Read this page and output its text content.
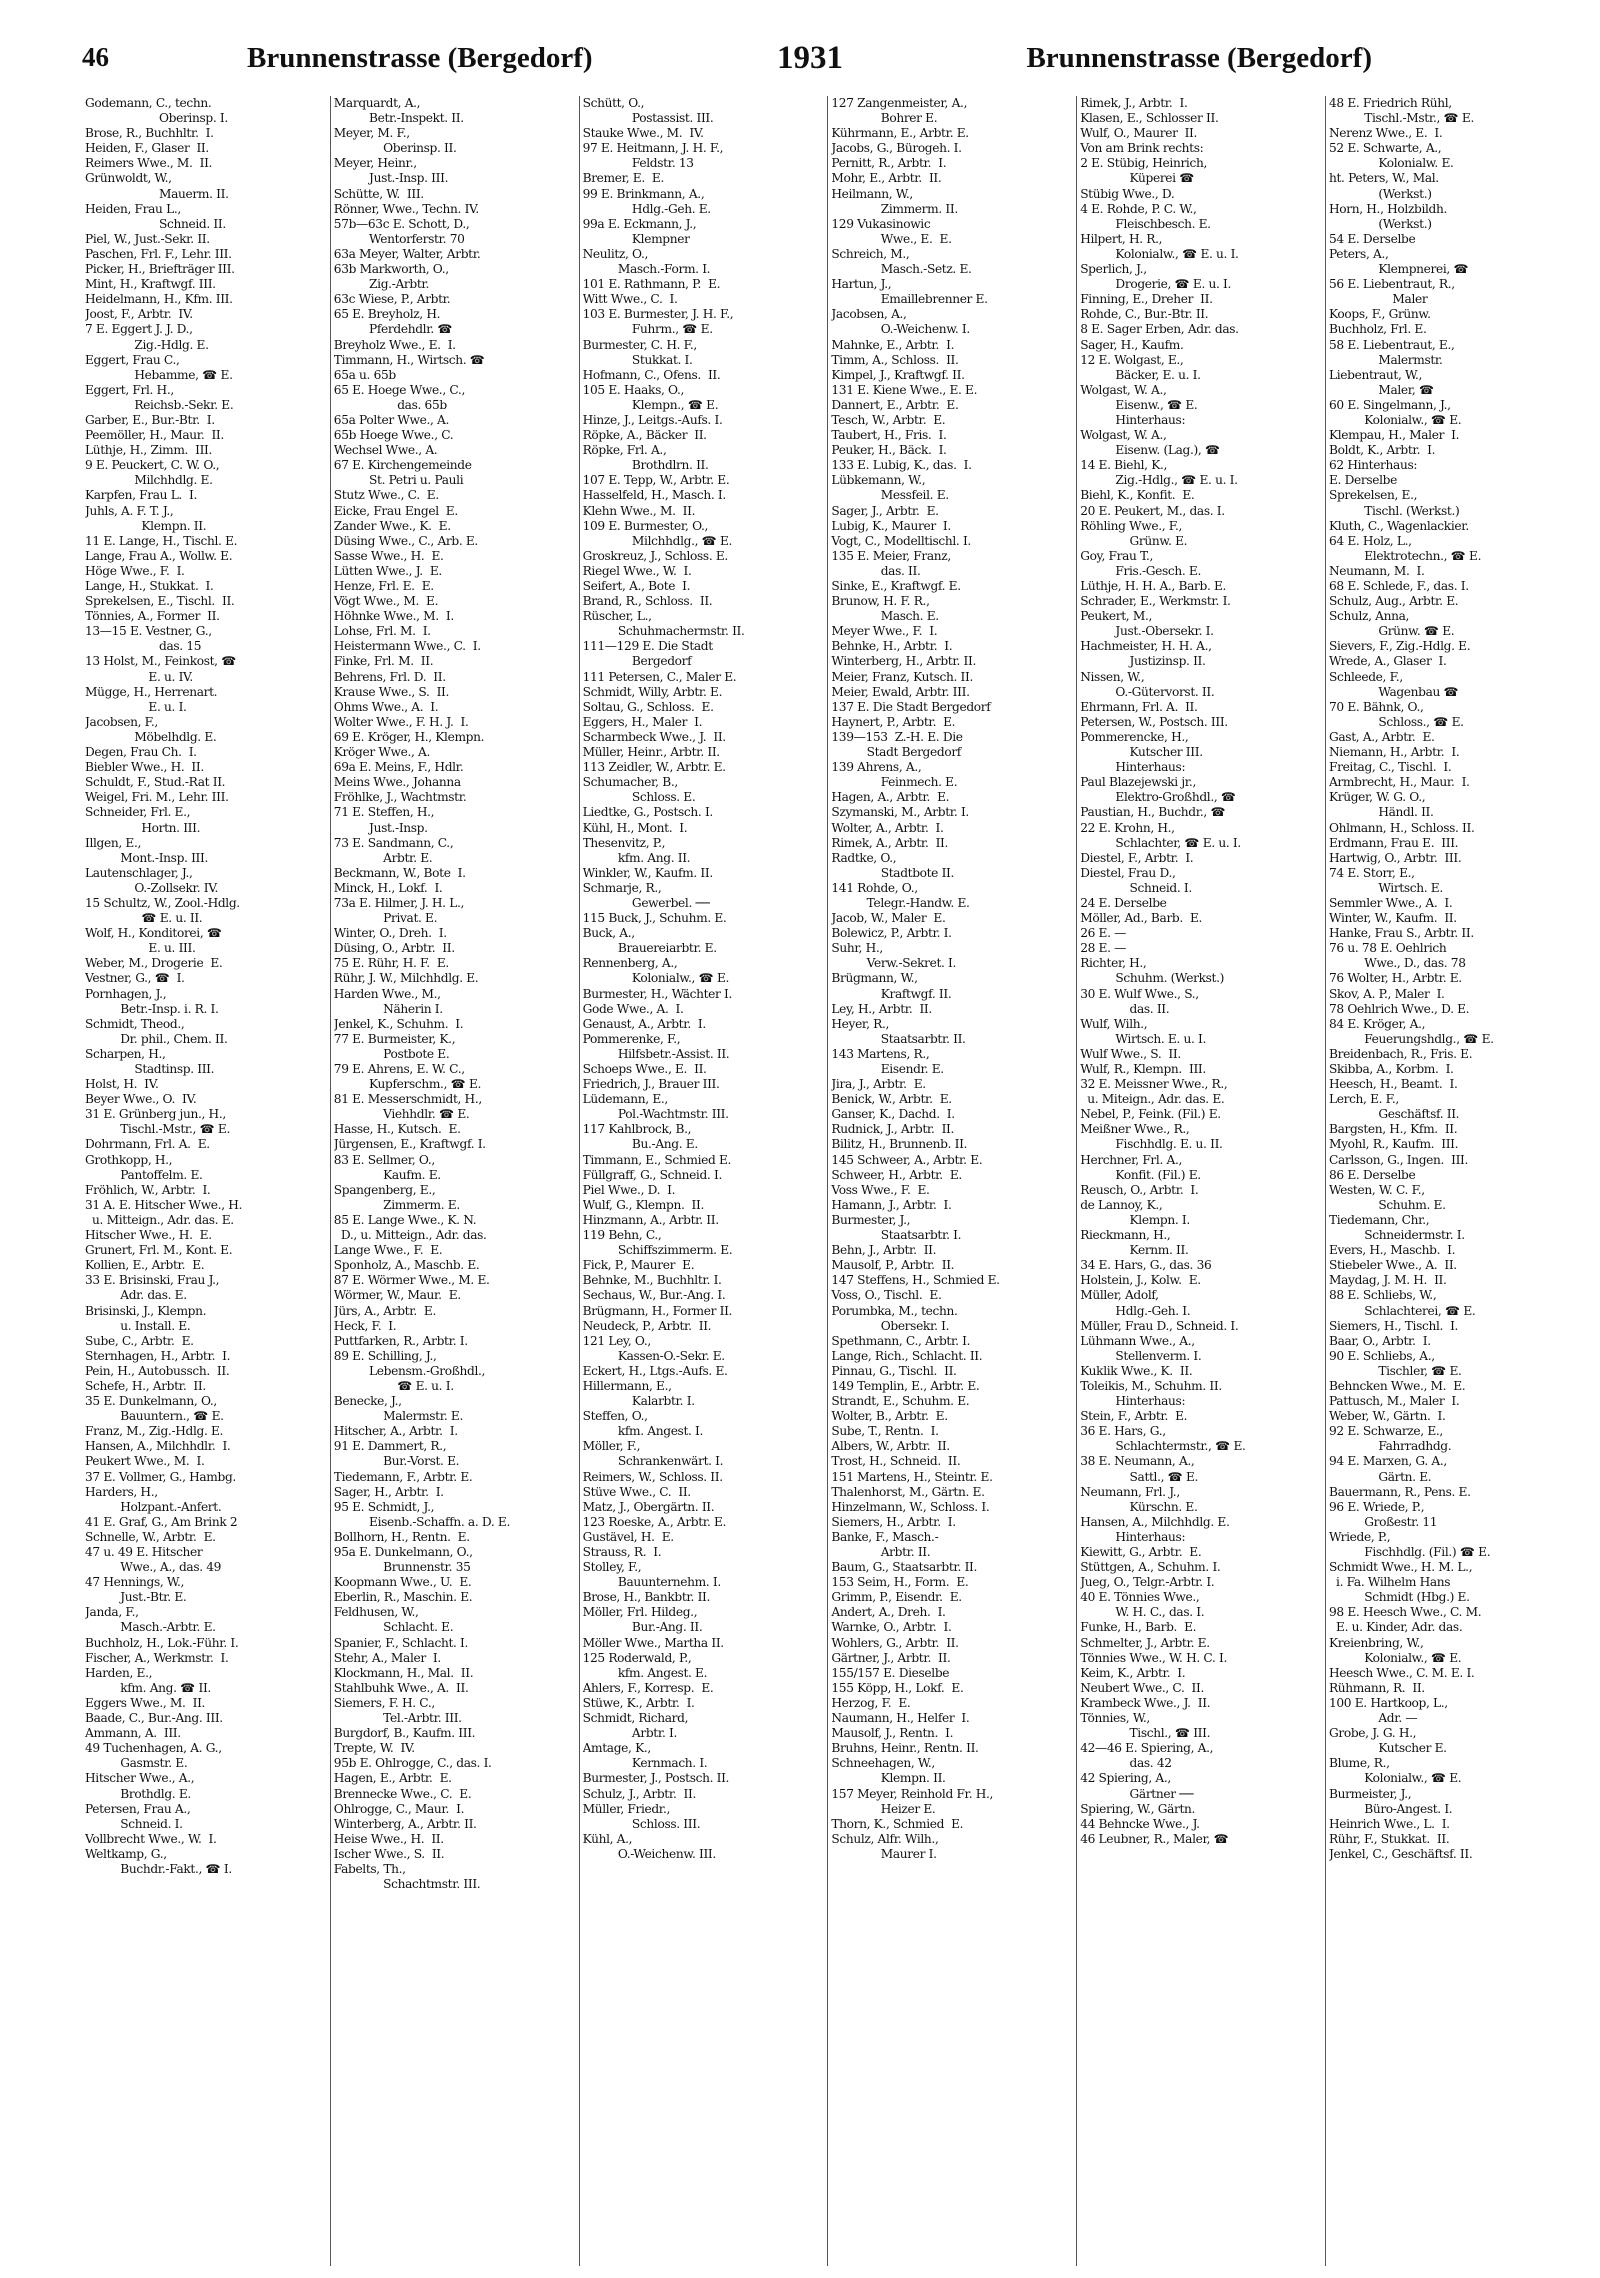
46	Brunnenstrasse (Bergedorf)	1931	Brunnenstrasse (Bergedorf)
Godemann, C., techn.
Oberinsp. I.
Brose, R., Buchhltr.  I.
Heiden, F., Glaser  II.
Reimers Wwe., M.  II.
Grünwoldt, W.,
Mauerm. II.
Heiden, Frau L.,
Schneid. II.
Piel, W., Just.-Sekr. II.
Paschen, Frl. F., Lehr. III.
Picker, H., Briefträger III.
Mint, H., Kraftwgf. III.
Heidelmann, H., Kfm. III.
Joost, F., Arbtr.  IV.
7 E. Eggert J. J. D.,
Zig.-Hdlg. E.
Eggert, Frau C.,
Hebamme, ☎ E.
Eggert, Frl. H.,
Reichsb.-Sekr. E.
Garber, E., Bur.-Btr.  I.
Peemöller, H., Maur.  II.
Lüthje, H., Zimm.  III.
9 E. Peuckert, C. W. O.,
Milchhdlg. E.
Karpfen, Frau L.  I.
Juhls, A. F. T. J.,
Klempn. II.
11 E. Lange, H., Tischl. E.
Lange, Frau A., Wollw. E.
Höge Wwe., F.  I.
Lange, H., Stukkat.  I.
Sprekelsen, E., Tischl.  II.
Tönnies, A., Former  II.
13—15 E. Vestner, G.,
das. 15
13 Holst, M., Feinkost, ☎
E. u. IV.
Mügge, H., Herrenart.
E. u. I.
Jacobsen, F.,
Möbelhdlg. E.
Degen, Frau Ch.  I.
Biebler Wwe., H.  II.
Schuldt, F., Stud.-Rat II.
Weigel, Fri. M., Lehr. III.
Schneider, Frl. E.,
Hortn. III.
Illgen, E.,
Mont.-Insp. III.
Lautenschlager, J.,
O.-Zollsekr. IV.
15 Schultz, W., Zool.-Hdlg.
☎ E. u. II.
Wolf, H., Konditorei, ☎
E. u. III.
Weber, M., Drogerie  E.
Vestner, G., ☎  I.
Pornhagen, J.,
Betr.-Insp. i. R. I.
Schmidt, Theod.,
Dr. phil., Chem. II.
Scharpen, H.,
Stadtinsp. III.
Holst, H.  IV.
Beyer Wwe., O.  IV.
31 E. Grünberg jun., H.,
Tischl.-Mstr., ☎ E.
Dohrmann, Frl. A.  E.
Grothkopp, H.,
Pantoffelm. E.
Fröhlich, W., Arbtr.  I.
31 A. E. Hitscher Wwe., H.
u. Mitteign., Adr. das. E.
Hitscher Wwe., H.  E.
Grunert, Frl. M., Kont. E.
Kollien, E., Arbtr.  E.
33 E. Brisinski, Frau J.,
Adr. das. E.
Brisinski, J., Klempn.
u. Install. E.
Sube, C., Arbtr.  E.
Sternhagen, H., Arbtr.  I.
Pein, H., Autobussch.  II.
Schefe, H., Arbtr.  II.
35 E. Dunkelmann, O.,
Bauuntern., ☎ E.
Franz, M., Zig.-Hdlg. E.
Hansen, A., Milchhdlr.  I.
Peukert Wwe., M.  I.
37 E. Vollmer, G., Hambg.
Harders, H.,
Holzpant.-Anfert.
41 E. Graf, G., Am Brink 2
Schnelle, W., Arbtr.  E.
47 u. 49 E. Hitscher
Wwe., A., das. 49
47 Hennings, W.,
Just.-Btr. E.
Janda, F.,
Masch.-Arbtr. E.
Buchholz, H., Lok.-Führ. I.
Fischer, A., Werkmstr.  I.
Harden, E.,
kfm. Ang. ☎ II.
Eggers Wwe., M.  II.
Baade, C., Bur.-Ang. III.
Ammann, A.  III.
49 Tuchenhagen, A. G.,
Gasmstr. E.
Hitscher Wwe., A.,
Brothdlg. E.
Petersen, Frau A.,
Schneid. I.
Vollbrecht Wwe., W.  I.
Weltkamp, G.,
Buchdr.-Fakt., ☎ I.
Marquardt, A.,
Betr.-Inspekt. II.
Meyer, M. F.,
Oberinsp. II.
Meyer, Heinr.,
Just.-Insp. III.
Schütte, W.  III.
Rönner, Wwe., Techn. IV.
57b—63c E. Schott, D.,
Wentorferstr. 70
63a Meyer, Walter, Arbtr.
63b Markworth, O.,
Zig.-Arbtr.
63c Wiese, P., Arbtr.
65 E. Breyholz, H.
Pferdehdlr. ☎
Breyholz Wwe., E.  I.
Timmann, H., Wirtsch. ☎
65a u. 65b
65 E. Hoege Wwe., C.,
das. 65b
65a Polter Wwe., A.
65b Hoege Wwe., C.
Wechsel Wwe., A.
67 E. Kirchengemeinde
St. Petri u. Pauli
Stutz Wwe., C.  E.
Eicke, Frau Engel  E.
Zander Wwe., K.  E.
Düsing Wwe., C., Arb. E.
Sasse Wwe., H.  E.
Lütten Wwe., J.  E.
Henze, Frl. E.  E.
Vögt Wwe., M.  E.
Höhnke Wwe., M.  I.
Lohse, Frl. M.  I.
Heistermann Wwe., C.  I.
Finke, Frl. M.  II.
Behrens, Frl. D.  II.
Krause Wwe., S.  II.
Ohms Wwe., A.  I.
Wolter Wwe., F. H. J.  I.
69 E. Kröger, H., Klempn.
Kröger Wwe., A.
69a E. Meins, F., Hdlr.
Meins Wwe., Johanna
Fröhlke, J., Wachtmstr.
71 E. Steffen, H.,
Just.-Insp.
73 E. Sandmann, C.,
Arbtr. E.
Beckmann, W., Bote  I.
Minck, H., Lokf.  I.
73a E. Hilmer, J. H. L.,
Privat. E.
Winter, O., Dreh.  I.
Düsing, O., Arbtr.  II.
75 E. Rühr, H. F.  E.
Rühr, J. W., Milchhdlg. E.
Harden Wwe., M.,
Näherin I.
Jenkel, K., Schuhm.  I.
77 E. Burmeister, K.,
Postbote E.
79 E. Ahrens, E. W. C.,
Kupferschm., ☎ E.
81 E. Messerschmidt, H.,
Viehhdlr. ☎ E.
Hasse, H., Kutsch.  E.
Jürgensen, E., Kraftwgf. I.
83 E. Sellmer, O.,
Kaufm. E.
Spangenberg, E.,
Zimmerm. E.
85 E. Lange Wwe., K. N.
D., u. Mitteign., Adr. das.
Lange Wwe., F.  E.
Sponholz, A., Maschb. E.
87 E. Wörmer Wwe., M. E.
Wörmer, W., Maur.  E.
Jürs, A., Arbtr.  E.
Heck, F.  I.
Puttfarken, R., Arbtr. I.
89 E. Schilling, J.,
Lebensm.-Großhdl.,
☎ E. u. I.
Benecke, J.,
Malermstr. E.
Hitscher, A., Arbtr.  I.
91 E. Dammert, R.,
Bur.-Vorst. E.
Tiedemann, F., Arbtr. E.
Sager, H., Arbtr.  I.
95 E. Schmidt, J.,
Eisenb.-Schaffn. a. D. E.
Bollhorn, H., Rentn.  E.
95a E. Dunkelmann, O.,
Brunnenstr. 35
Koopmann Wwe., U.  E.
Eberlin, R., Maschin. E.
Feldhusen, W.,
Schlacht. E.
Spanier, F., Schlacht. I.
Stehr, A., Maler  I.
Klockmann, H., Mal.  II.
Stahlbuhk Wwe., A.  II.
Siemers, F. H. C.,
Tel.-Arbtr. III.
Burgdorf, B., Kaufm. III.
Trepte, W.  IV.
95b E. Ohlrogge, C., das. I.
Hagen, E., Arbtr.  E.
Brennecke Wwe., C.  E.
Ohlrogge, C., Maur.  I.
Winterberg, A., Arbtr. II.
Heise Wwe., H.  II.
Ischer Wwe., S.  II.
Fabelts, Th.,
Schachtmstr. III.
Schütt, O.,
Postassist. III.
Stauke Wwe., M.  IV.
97 E. Heitmann, J. H. F.,
Feldstr. 13
Bremer, E.  E.
99 E. Brinkmann, A.,
Hdlg.-Geh. E.
99a E. Eckmann, J.,
Klempner
Neulitz, O.,
Masch.-Form. I.
101 E. Rathmann, P.  E.
Witt Wwe., C.  I.
103 E. Burmester, J. H. F.,
Fuhrm., ☎ E.
Burmester, C. H. F.,
Stukkat. I.
Hofmann, C., Ofens.  II.
105 E. Haaks, O.,
Klempn., ☎ E.
Hinze, J., Leitgs.-Aufs. I.
Röpke, A., Bäcker  II.
Röpke, Frl. A.,
Brothdlrn. II.
107 E. Tepp, W., Arbtr. E.
Hasselfeld, H., Masch. I.
Klehn Wwe., M.  II.
109 E. Burmester, O.,
Milchhdlg., ☎ E.
Groskreuz, J., Schloss. E.
Riegel Wwe., W.  I.
Seifert, A., Bote  I.
Brand, R., Schloss.  II.
Rüscher, L.,
Schuhmachermstr. II.
111—129 E. Die Stadt
Bergedorf
111 Petersen, C., Maler E.
Schmidt, Willy, Arbtr. E.
Soltau, G., Schloss.  E.
Eggers, H., Maler  I.
Scharmbeck Wwe., J.  II.
Müller, Heinr., Arbtr. II.
113 Zeidler, W., Arbtr. E.
Schumacher, B.,
Schloss. E.
Liedtke, G., Postsch. I.
Kühl, H., Mont.  I.
Thesenvitz, P.,
kfm. Ang. II.
Winkler, W., Kaufm. II.
Schmarje, R.,
Gewerbel. ──
115 Buck, J., Schuhm. E.
Buck, A.,
Brauereiarbtr. E.
Rennenberg, A.,
Kolonialw., ☎ E.
Burmester, H., Wächter I.
Gode Wwe., A.  I.
Genaust, A., Arbtr.  I.
Pommerenke, F.,
Hilfsbetr.-Assist. II.
Schoeps Wwe., E.  II.
Friedrich, J., Brauer III.
Lüdemann, E.,
Pol.-Wachtmstr. III.
117 Kahlbrock, B.,
Bu.-Ang. E.
Timmann, E., Schmied E.
Füllgraff, G., Schneid. I.
Piel Wwe., D.  I.
Wulf, G., Klempn.  II.
Hinzmann, A., Arbtr. II.
119 Behn, C.,
Schiffszimmerm. E.
Fick, P., Maurer  E.
Behnke, M., Buchhltr. I.
Sechaus, W., Bur.-Ang. I.
Brügmann, H., Former II.
Neudeck, P., Arbtr.  II.
121 Ley, O.,
Kassen-O.-Sekr. E.
Eckert, H., Ltgs.-Aufs. E.
Hillermann, E.,
Kalarbtr. I.
Steffen, O.,
kfm. Angest. I.
Möller, F.,
Schrankenwärt. I.
Reimers, W., Schloss. II.
Stüve Wwe., C.  II.
Matz, J., Obergärtn. II.
123 Roeske, A., Arbtr. E.
Gustävel, H.  E.
Strauss, R.  I.
Stolley, F.,
Bauunternehm. I.
Brose, H., Bankbtr. II.
Möller, Frl. Hildeg.,
Bur.-Ang. II.
Möller Wwe., Martha II.
125 Roderwald, P.,
kfm. Angest. E.
Ahlers, F., Korresp.  E.
Stüwe, K., Arbtr.  I.
Schmidt, Richard,
Arbtr. I.
Amtage, K.,
Kernmach. I.
Burmester, J., Postsch. II.
Schulz, J., Arbtr.  II.
Müller, Friedr.,
Schloss. III.
Kühl, A.,
O.-Weichenw. III.
127 Zangenmeister, A.,
Bohrer E.
Kührmann, E., Arbtr. E.
Jacobs, G., Bürogeh. I.
Pernitt, R., Arbtr.  I.
Mohr, E., Arbtr.  II.
Heilmann, W.,
Zimmerm. II.
129 Vukasinowic
Wwe., E.  E.
Schreich, M.,
Masch.-Setz. E.
Hartun, J.,
Emaillebrenner E.
Jacobsen, A.,
O.-Weichenw. I.
Mahnke, E., Arbtr.  I.
Timm, A., Schloss.  II.
Kimpel, J., Kraftwgf. II.
131 E. Kiene Wwe., E. E.
Dannert, E., Arbtr.  E.
Tesch, W., Arbtr.  E.
Taubert, H., Fris.  I.
Peuker, H., Bäck.  I.
133 E. Lubig, K., das.  I.
Lübkemann, W.,
Messfeil. E.
Sager, J., Arbtr.  E.
Lubig, K., Maurer  I.
Vogt, C., Modelltischl. I.
135 E. Meier, Franz,
das. II.
Sinke, E., Kraftwgf. E.
Brunow, H. F. R.,
Masch. E.
Meyer Wwe., F.  I.
Behnke, H., Arbtr.  I.
Winterberg, H., Arbtr. II.
Meier, Franz, Kutsch. II.
Meier, Ewald, Arbtr. III.
137 E. Die Stadt Bergedorf
Haynert, P., Arbtr.  E.
139—153  Z.-H. E. Die
Stadt Bergedorf
139 Ahrens, A.,
Feinmech. E.
Hagen, A., Arbtr.  E.
Szymanski, M., Arbtr. I.
Wolter, A., Arbtr.  I.
Rimek, A., Arbtr.  II.
Radtke, O.,
Stadtbote II.
141 Rohde, O.,
Telegr.-Handw. E.
Jacob, W., Maler  E.
Bolewicz, P., Arbtr. I.
Suhr, H.,
Verw.-Sekret. I.
Brügmann, W.,
Kraftwgf. II.
Ley, H., Arbtr.  II.
Heyer, R.,
Staatsarbtr. II.
143 Martens, R.,
Eisendr. E.
Jira, J., Arbtr.  E.
Benick, W., Arbtr.  E.
Ganser, K., Dachd.  I.
Rudnick, J., Arbtr.  II.
Bilitz, H., Brunnenb. II.
145 Schweer, A., Arbtr. E.
Schweer, H., Arbtr.  E.
Voss Wwe., F.  E.
Hamann, J., Arbtr.  I.
Burmester, J.,
Staatsarbtr. I.
Behn, J., Arbtr.  II.
Mausolf, P., Arbtr.  II.
147 Steffens, H., Schmied E.
Voss, O., Tischl.  E.
Porumbka, M., techn.
Obersekr. I.
Spethmann, C., Arbtr. I.
Lange, Rich., Schlacht. II.
Pinnau, G., Tischl.  II.
149 Templin, E., Arbtr. E.
Strandt, E., Schuhm. E.
Wolter, B., Arbtr.  E.
Sube, T., Rentn.  I.
Albers, W., Arbtr.  II.
Trost, H., Schneid.  II.
151 Martens, H., Steintr. E.
Thalenhorst, M., Gärtn. E.
Hinzelmann, W., Schloss. I.
Siemers, H., Arbtr.  I.
Banke, F., Masch.-
Arbtr. II.
Baum, G., Staatsarbtr. II.
153 Seim, H., Form.  E.
Grimm, P., Eisendr.  E.
Andert, A., Dreh.  I.
Warnke, O., Arbtr.  I.
Wohlers, G., Arbtr.  II.
Gärtner, J., Arbtr.  II.
155/157 E. Dieselbe
155 Köpp, H., Lokf.  E.
Herzog, F.  E.
Naumann, H., Helfer  I.
Mausolf, J., Rentn.  I.
Bruhns, Heinr., Rentn. II.
Schneehagen, W.,
Klempn. II.
157 Meyer, Reinhold Fr. H.,
Heizer E.
Thorn, K., Schmied  E.
Schulz, Alfr. Wilh.,
Maurer I.
Rimek, J., Arbtr.  I.
Klasen, E., Schlosser II.
Wulf, O., Maurer  II.
Von am Brink rechts:
2 E. Stübig, Heinrich,
Küperei ☎
Stübig Wwe., D.
4 E. Rohde, P. C. W.,
Fleischbesch. E.
Hilpert, H. R.,
Kolonialw., ☎ E. u. I.
Sperlich, J.,
Drogerie, ☎ E. u. I.
Finning, E., Dreher  II.
Rohde, C., Bur.-Btr. II.
8 E. Sager Erben, Adr. das.
Sager, H., Kaufm.
12 E. Wolgast, E.,
Bäcker, E. u. I.
Wolgast, W. A.,
Eisenw., ☎ E.
Hinterhaus:
Wolgast, W. A.,
Eisenw. (Lag.), ☎
14 E. Biehl, K.,
Zig.-Hdlg., ☎ E. u. I.
Biehl, K., Konfit.  E.
20 E. Peukert, M., das. I.
Röhling Wwe., F.,
Grünw. E.
Goy, Frau T.,
Fris.-Gesch. E.
Lüthje, H. H. A., Barb. E.
Schrader, E., Werkmstr. I.
Peukert, M.,
Just.-Obersekr. I.
Hachmeister, H. H. A.,
Justizinsp. II.
Nissen, W.,
O.-Gütervorst. II.
Ehrmann, Frl. A.  II.
Petersen, W., Postsch. III.
Pommerencke, H.,
Kutscher III.
Hinterhaus:
Paul Blazejewski jr.,
Elektro-Großhdl., ☎
Paustian, H., Buchdr., ☎
22 E. Krohn, H.,
Schlachter, ☎ E. u. I.
Diestel, F., Arbtr.  I.
Diestel, Frau D.,
Schneid. I.
24 E. Derselbe
Möller, Ad., Barb.  E.
26 E. —
28 E. —
Richter, H.,
Schuhm. (Werkst.)
30 E. Wulf Wwe., S.,
das. II.
Wulf, Wilh.,
Wirtsch. E. u. I.
Wulf Wwe., S.  II.
Wulf, R., Klempn.  III.
32 E. Meissner Wwe., R.,
u. Miteign., Adr. das. E.
Nebel, P., Feink. (Fil.) E.
Meißner Wwe., R.,
Fischhdlg. E. u. II.
Herchner, Frl. A.,
Konfit. (Fil.) E.
Reusch, O., Arbtr.  I.
de Lannoy, K.,
Klempn. I.
Rieckmann, H.,
Kernm. II.
34 E. Hars, G., das. 36
Holstein, J., Kolw.  E.
Müller, Adolf,
Hdlg.-Geh. I.
Müller, Frau D., Schneid. I.
Lühmann Wwe., A.,
Stellenverm. I.
Kuklik Wwe., K.  II.
Toleikis, M., Schuhm. II.
Hinterhaus:
Stein, F., Arbtr.  E.
36 E. Hars, G.,
Schlachtermstr., ☎ E.
38 E. Neumann, A.,
Sattl., ☎ E.
Neumann, Frl. J.,
Kürschn. E.
Hansen, A., Milchhdlg. E.
Hinterhaus:
Kiewitt, G., Arbtr.  E.
Stüttgen, A., Schuhm. I.
Jueg, O., Telgr.-Arbtr. I.
40 E. Tönnies Wwe.,
W. H. C., das. I.
Funke, H., Barb.  E.
Schmelter, J., Arbtr. E.
Tönnies Wwe., W. H. C. I.
Keim, K., Arbtr.  I.
Neubert Wwe., C.  II.
Krambeck Wwe., J.  II.
Tönnies, W.,
Tischl., ☎ III.
42—46 E. Spiering, A.,
das. 42
42 Spiering, A.,
Gärtner ──
Spiering, W., Gärtn.
44 Behncke Wwe., J.
46 Leubner, R., Maler, ☎
48 E. Friedrich Rühl,
Tischl.-Mstr., ☎ E.
Nerenz Wwe., E.  I.
52 E. Schwarte, A.,
Kolonialw. E.
ht. Peters, W., Mal.
(Werkst.)
Horn, H., Holzbildh.
(Werkst.)
54 E. Derselbe
Peters, A.,
Klempnerei, ☎
56 E. Liebentraut, R.,
Maler
Koops, F., Grünw.
Buchholz, Frl. E.
58 E. Liebentraut, E.,
Malermstr.
Liebentraut, W.,
Maler, ☎
60 E. Singelmann, J.,
Kolonialw., ☎ E.
Klempau, H., Maler  I.
Boldt, K., Arbtr.  I.
62 Hinterhaus:
E. Derselbe
Sprekelsen, E.,
Tischl. (Werkst.)
Kluth, C., Wagenlackier.
64 E. Holz, L.,
Elektrotechn., ☎ E.
Neumann, M.  I.
68 E. Schlede, F., das. I.
Schulz, Aug., Arbtr. E.
Schulz, Anna,
Grünw. ☎ E.
Sievers, F., Zig.-Hdlg. E.
Wrede, A., Glaser  I.
Schleede, F.,
Wagenbau ☎
70 E. Bähnk, O.,
Schloss., ☎ E.
Gast, A., Arbtr.  E.
Niemann, H., Arbtr.  I.
Freitag, C., Tischl.  I.
Armbrecht, H., Maur.  I.
Krüger, W. G. O.,
Händl. II.
Ohlmann, H., Schloss. II.
Erdmann, Frau E.  III.
Hartwig, O., Arbtr.  III.
74 E. Storr, E.,
Wirtsch. E.
Semmler Wwe., A.  I.
Winter, W., Kaufm.  II.
Hanke, Frau S., Arbtr. II.
76 u. 78 E. Oehlrich
Wwe., D., das. 78
76 Wolter, H., Arbtr. E.
Skov, A. P., Maler  I.
78 Oehlrich Wwe., D. E.
84 E. Kröger, A.,
Feuerungshdlg., ☎ E.
Breidenbach, R., Fris. E.
Skibba, A., Korbm.  I.
Heesch, H., Beamt.  I.
Lerch, E. F.,
Geschäftsf. II.
Bargsten, H., Kfm.  II.
Myohl, R., Kaufm.  III.
Carlsson, G., Ingen.  III.
86 E. Derselbe
Westen, W. C. F.,
Schuhm. E.
Tiedemann, Chr.,
Schneidermstr. I.
Evers, H., Maschb.  I.
Stiebeler Wwe., A.  II.
Maydag, J. M. H.  II.
88 E. Schliebs, W.,
Schlachterei, ☎ E.
Siemers, H., Tischl.  I.
Baar, O., Arbtr.  I.
90 E. Schliebs, A.,
Tischler, ☎ E.
Behncken Wwe., M.  E.
Pattusch, M., Maler  I.
Weber, W., Gärtn.  I.
92 E. Schwarze, E.,
Fahrradhdg.
94 E. Marxen, G. A.,
Gärtn. E.
Bauermann, R., Pens. E.
96 E. Wriede, P.,
Großestr. 11
Wriede, P.,
Fischhdlg. (Fil.) ☎ E.
Schmidt Wwe., H. M. L.,
i. Fa. Wilhelm Hans
Schmidt (Hbg.) E.
98 E. Heesch Wwe., C. M.
E. u. Kinder, Adr. das.
Kreienbring, W.,
Kolonialw., ☎ E.
Heesch Wwe., C. M. E. I.
Rühmann, R.  II.
100 E. Hartkoop, L.,
Adr. —
Grobe, J. G. H.,
Kutscher E.
Blume, R.,
Kolonialw., ☎ E.
Burmeister, J.,
Büro-Angest. I.
Heinrich Wwe., L.  I.
Rühr, F., Stukkat.  II.
Jenkel, C., Geschäftsf. II.
